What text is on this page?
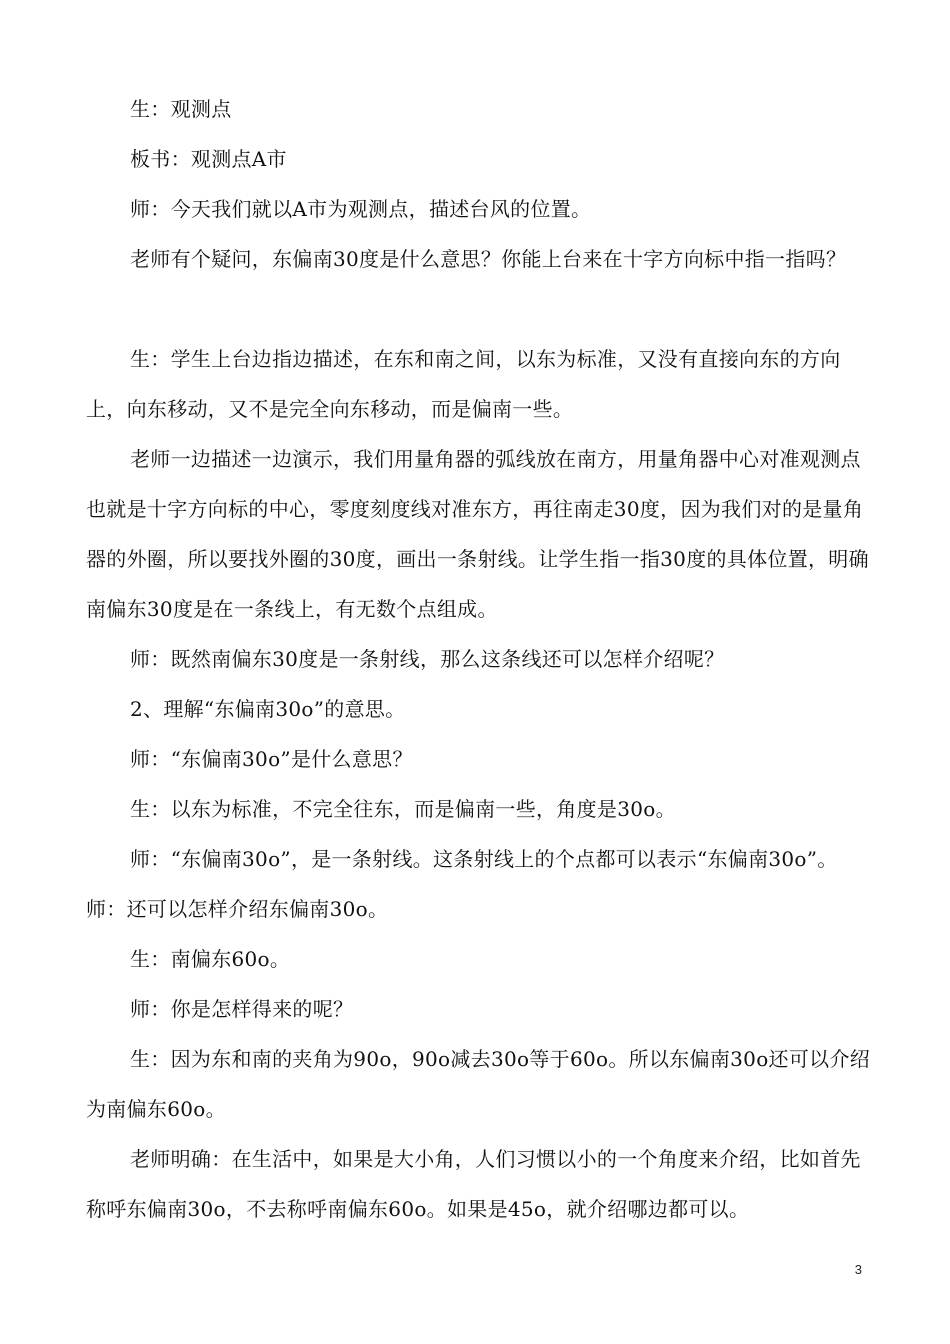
生：观测点

板书：观测点A市

师：今天我们就以A市为观测点，描述台风的位置。

老师有个疑问，东偏南30度是什么意思？你能上台来在十字方向标中指一指吗？

生：学生上台边指边描述，在东和南之间，以东为标准，又没有直接向东的方向上，向东移动，又不是完全向东移动，而是偏南一些。

老师一边描述一边演示，我们用量角器的弧线放在南方，用量角器中心对准观测点也就是十字方向标的中心，零度刻度线对准东方，再往南走30度，因为我们对的是量角器的外圈，所以要找外圈的30度，画出一条射线。让学生指一指30度的具体位置，明确南偏东30度是在一条线上，有无数个点组成。

师：既然南偏东30度是一条射线，那么这条线还可以怎样介绍呢？

2、理解“东偏南30o”的意思。

师：“东偏南30o”是什么意思？

生：以东为标准，不完全往东，而是偏南一些，角度是30o。

师：“东偏南30o”，是一条射线。这条射线上的个点都可以表示“东偏南30o”。师：还可以怎样介绍东偏南30o。

生：南偏东60o。

师：你是怎样得来的呢？

生：因为东和南的夹角为90o，90o减去30o等于60o。所以东偏南30o还可以介绍为南偏东60o。

老师明确：在生活中，如果是大小角，人们习惯以小的一个角度来介绍，比如首先称呼东偏南30o，不去称呼南偏东60o。如果是45o，就介绍哪边都可以。

3
